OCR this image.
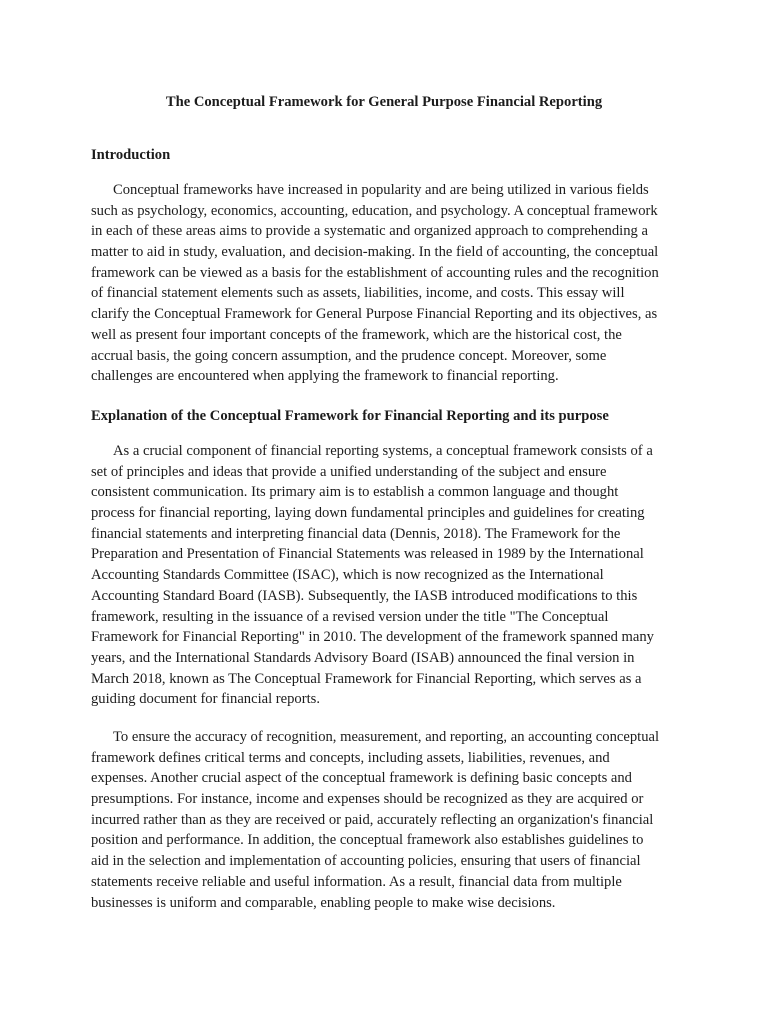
The Conceptual Framework for General Purpose Financial Reporting
Introduction
Conceptual frameworks have increased in popularity and are being utilized in various fields
such as psychology, economics, accounting, education, and psychology. A conceptual framework
in each of these areas aims to provide a systematic and organized approach to comprehending a
matter to aid in study, evaluation, and decision-making. In the field of accounting, the conceptual
framework can be viewed as a basis for the establishment of accounting rules and the recognition
of financial statement elements such as assets, liabilities, income, and costs. This essay will
clarify the Conceptual Framework for General Purpose Financial Reporting and its objectives, as
well as present four important concepts of the framework, which are the historical cost, the
accrual basis, the going concern assumption, and the prudence concept. Moreover, some
challenges are encountered when applying the framework to financial reporting.
Explanation of the Conceptual Framework for Financial Reporting and its purpose
As a crucial component of financial reporting systems, a conceptual framework consists of a
set of principles and ideas that provide a unified understanding of the subject and ensure
consistent communication. Its primary aim is to establish a common language and thought
process for financial reporting, laying down fundamental principles and guidelines for creating
financial statements and interpreting financial data (Dennis, 2018). The Framework for the
Preparation and Presentation of Financial Statements was released in 1989 by the International
Accounting Standards Committee (ISAC), which is now recognized as the International
Accounting Standard Board (IASB). Subsequently, the IASB introduced modifications to this
framework, resulting in the issuance of a revised version under the title "The Conceptual
Framework for Financial Reporting" in 2010. The development of the framework spanned many
years, and the International Standards Advisory Board (ISAB) announced the final version in
March 2018, known as The Conceptual Framework for Financial Reporting, which serves as a
guiding document for financial reports.
To ensure the accuracy of recognition, measurement, and reporting, an accounting conceptual
framework defines critical terms and concepts, including assets, liabilities, revenues, and
expenses. Another crucial aspect of the conceptual framework is defining basic concepts and
presumptions. For instance, income and expenses should be recognized as they are acquired or
incurred rather than as they are received or paid, accurately reflecting an organization's financial
position and performance. In addition, the conceptual framework also establishes guidelines to
aid in the selection and implementation of accounting policies, ensuring that users of financial
statements receive reliable and useful information. As a result, financial data from multiple
businesses is uniform and comparable, enabling people to make wise decisions.
